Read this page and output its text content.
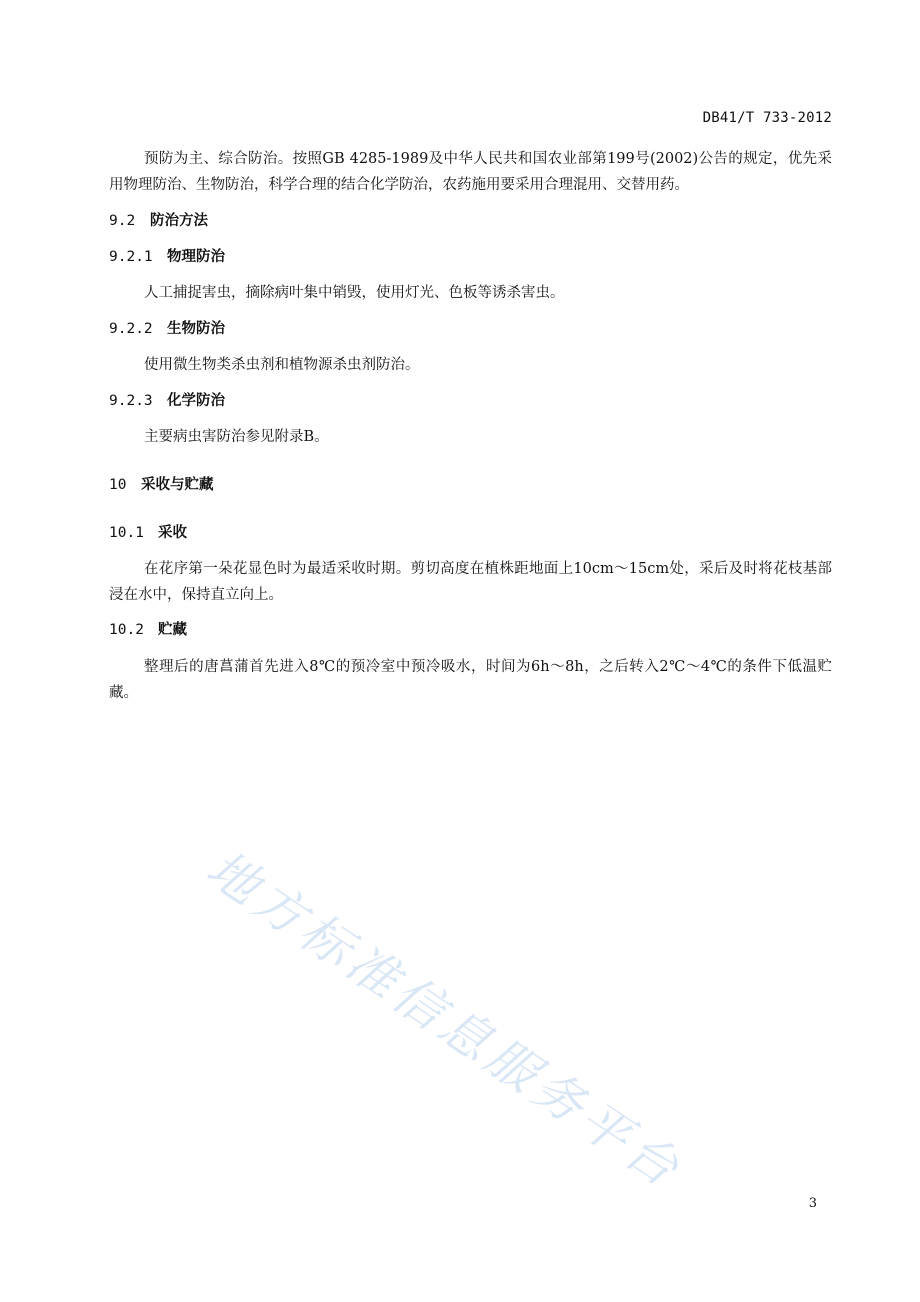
DB41/T 733-2012
预防为主、综合防治。按照GB 4285-1989及中华人民共和国农业部第199号(2002)公告的规定，优先采用物理防治、生物防治，科学合理的结合化学防治，农药施用要采用合理混用、交替用药。
9.2 防治方法
9.2.1 物理防治
人工捕捉害虫，摘除病叶集中销毁，使用灯光、色板等诱杀害虫。
9.2.2 生物防治
使用微生物类杀虫剂和植物源杀虫剂防治。
9.2.3 化学防治
主要病虫害防治参见附录B。
10 采收与贮藏
10.1 采收
在花序第一朵花显色时为最适采收时期。剪切高度在植株距地面上10cm～15cm处，采后及时将花枝基部浸在水中，保持直立向上。
10.2 贮藏
整理后的唐菖蒲首先进入8℃的预冷室中预冷吸水，时间为6h～8h，之后转入2℃～4℃的条件下低温贮藏。
地方标准信息服务平台
3
